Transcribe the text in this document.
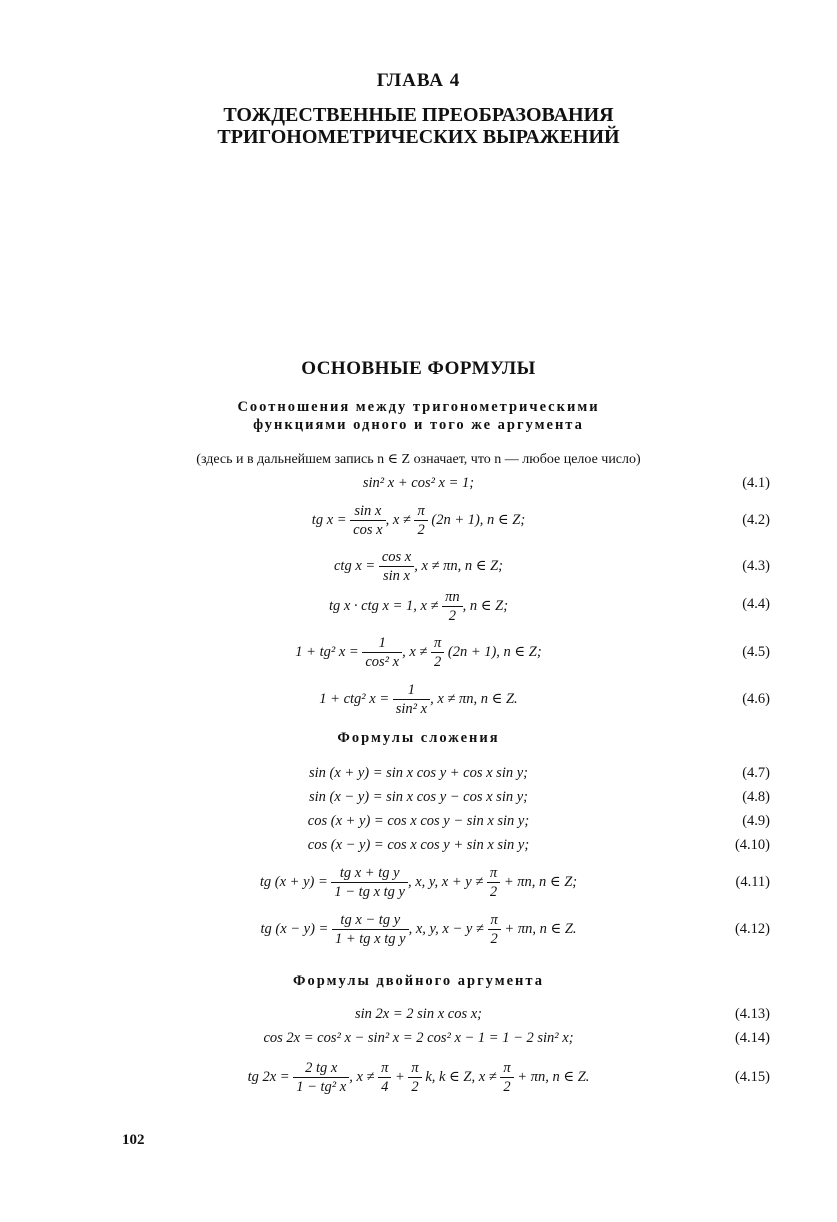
ГЛАВА 4
ТОЖДЕСТВЕННЫЕ ПРЕОБРАЗОВАНИЯ
ТРИГОНОМЕТРИЧЕСКИХ ВЫРАЖЕНИЙ
ОСНОВНЫЕ ФОРМУЛЫ
Соотношения между тригонометрическими
функциями одного и того же аргумента
(здесь и в дальнейшем запись n ∈ Z означает, что n — любое целое число)
sin² x + cos² x = 1;	(4.1)
tg $x = \frac{\text{sin x}}{\text{cos x}}$ , $x \ne \frac{\pi}{2} (2n + 1)$, n ∈ Z;	(4.2)
ctg $x = \frac{\text{cos x}}{\text{sin x}}$ , x ≠ πn, n ∈ Z;	(4.3)
tg x · ctg x = 1, $x \ne \frac{\pi n}{2}$ , n ∈ Z;	(4.4)
1 + tg² $x = \frac{1}{\text{cos² x}}$ , $x \ne \frac{\pi}{2} (2n + 1)$, n ∈ Z;	(4.5)
1 + ctg² $x = \frac{1}{\text{sin² x}}$ , x ≠ πn, n ∈ Z.	(4.6)
Формулы сложения
sin (x + y) = sin x cos y + cos x sin y;	(4.7)
sin (x − y) = sin x cos y − cos x sin y;	(4.8)
cos (x + y) = cos x cos y − sin x sin y;	(4.9)
cos (x − y) = cos x cos y + sin x sin y;	(4.10)
tg $(x + y) = \frac{\text{tg x + tg y}}{\text{1 − tg x tg y}}$ , x, y, $x + y \ne \frac{\pi}{2} + \pi n$, n ∈ Z;	(4.11)
tg $(x - y) = \frac{\text{tg x − tg y}}{\text{1 + tg x tg y}}$ , x, y, $x - y \ne \frac{\pi}{2} + \pi n$, n ∈ Z.	(4.12)
Формулы двойного аргумента
sin 2x = 2 sin x cos x;	(4.13)
cos 2x = cos² x − sin² x = 2 cos² x − 1 = 1 − 2 sin² x;	(4.14)
tg $2x = \frac{\text{2 tg x}}{\text{1 − tg² x}}$ , $x \ne \frac{\pi}{4} + \frac{\pi}{2} k$, k ∈ Z, $x \ne \frac{\pi}{2} + \pi n$, n ∈ Z.	(4.15)
102
